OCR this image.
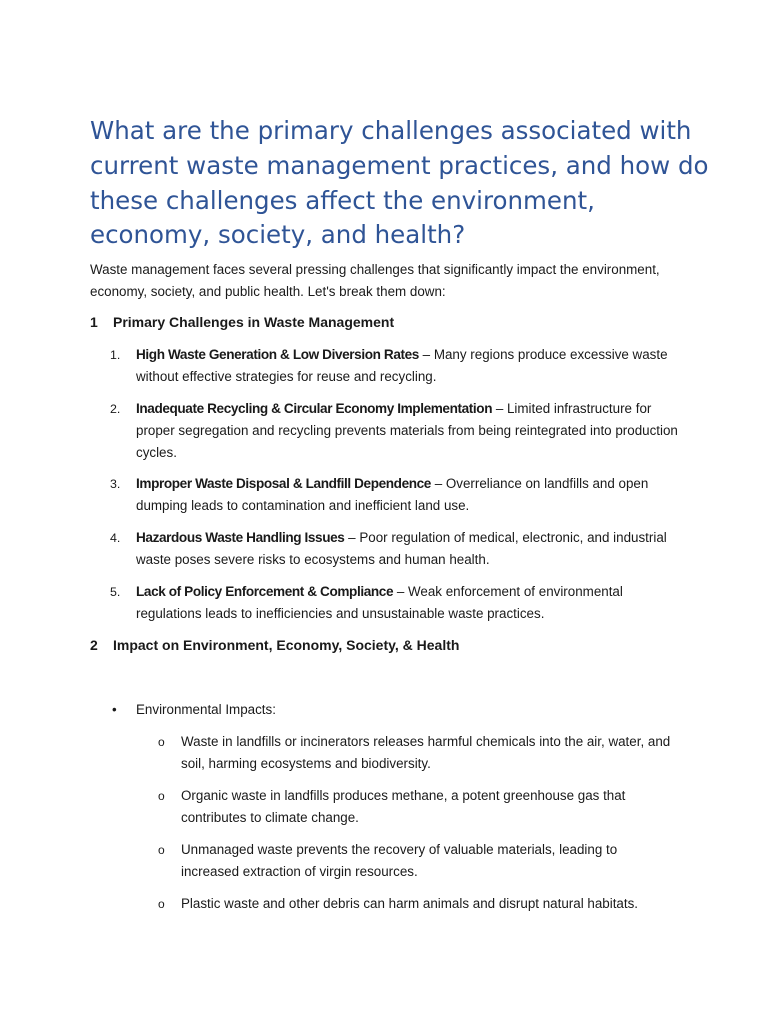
What are the primary challenges associated with current waste management practices, and how do these challenges affect the environment, economy, society, and health?

Waste management faces several pressing challenges that significantly impact the environment, economy, society, and public health. Let's break them down:

1 Primary Challenges in Waste Management
1. High Waste Generation & Low Diversion Rates – Many regions produce excessive waste without effective strategies for reuse and recycling.
2. Inadequate Recycling & Circular Economy Implementation – Limited infrastructure for proper segregation and recycling prevents materials from being reintegrated into production cycles.
3. Improper Waste Disposal & Landfill Dependence – Overreliance on landfills and open dumping leads to contamination and inefficient land use.
4. Hazardous Waste Handling Issues – Poor regulation of medical, electronic, and industrial waste poses severe risks to ecosystems and human health.
5. Lack of Policy Enforcement & Compliance – Weak enforcement of environmental regulations leads to inefficiencies and unsustainable waste practices.
2 Impact on Environment, Economy, Society, & Health
• Environmental Impacts:
o Waste in landfills or incinerators releases harmful chemicals into the air, water, and soil, harming ecosystems and biodiversity.
o Organic waste in landfills produces methane, a potent greenhouse gas that contributes to climate change.
o Unmanaged waste prevents the recovery of valuable materials, leading to increased extraction of virgin resources.
o Plastic waste and other debris can harm animals and disrupt natural habitats.
